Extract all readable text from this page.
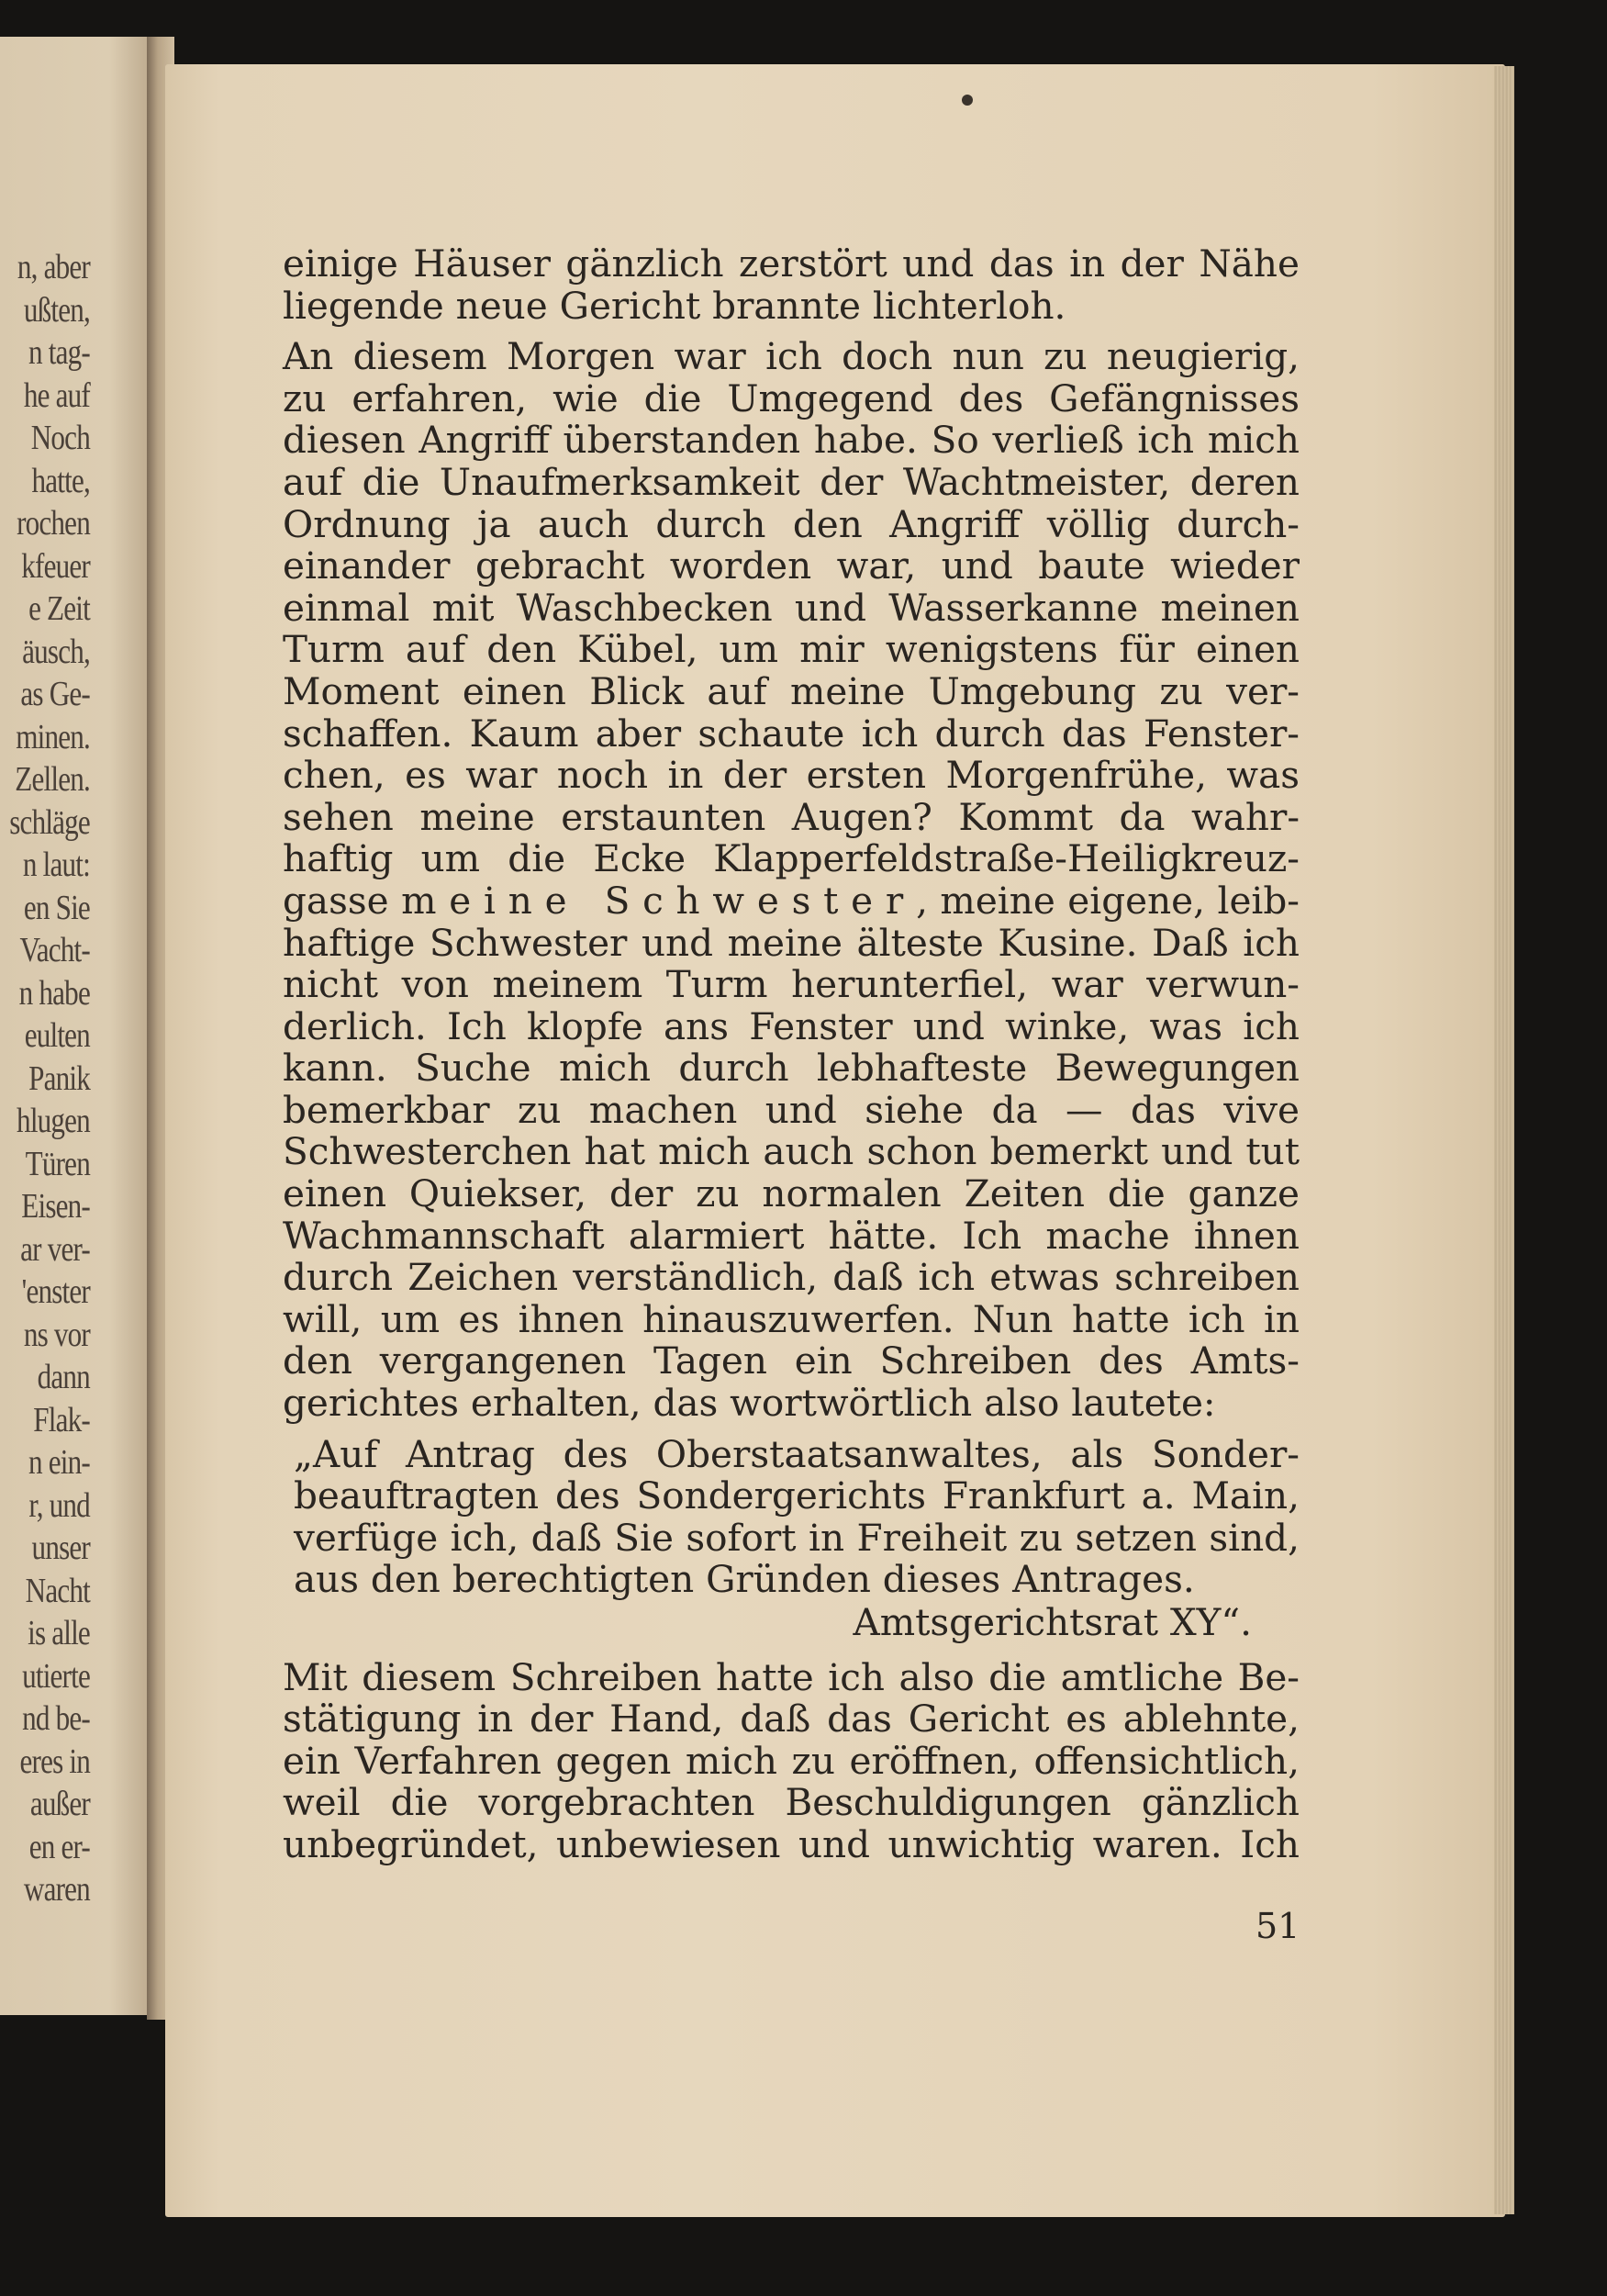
n, aber
ußten,
n tag-
he auf
Noch
hatte,
rochen
kfeuer
e Zeit
äusch,
as Ge-
minen.
Zellen.
schläge
n laut:
en Sie
Vacht-
n habe
eulten
Panik
hlugen
Türen
Eisen-
ar ver-
'enster
ns vor
dann
Flak-
n ein-
r, und
unser
Nacht
is alle
utierte
nd be-
eres in
außer
en er-
waren
einige Häuser gänzlich zerstört und das in der Nähe
liegende neue Gericht brannte lichterloh.
An diesem Morgen war ich doch nun zu neugierig,
zu erfahren, wie die Umgegend des Gefängnisses
diesen Angriff überstanden habe. So verließ ich mich
auf die Unaufmerksamkeit der Wachtmeister, deren
Ordnung ja auch durch den Angriff völlig durch-
einander gebracht worden war, und baute wieder
einmal mit Waschbecken und Wasserkanne meinen
Turm auf den Kübel, um mir wenigstens für einen
Moment einen Blick auf meine Umgebung zu ver-
schaffen. Kaum aber schaute ich durch das Fenster-
chen, es war noch in der ersten Morgenfrühe, was
sehen meine erstaunten Augen? Kommt da wahr-
haftig um die Ecke Klapperfeldstraße-Heiligkreuz-
gasse meine Schwester, meine eigene, leib-
haftige Schwester und meine älteste Kusine. Daß ich
nicht von meinem Turm herunterfiel, war verwun-
derlich. Ich klopfe ans Fenster und winke, was ich
kann. Suche mich durch lebhafteste Bewegungen
bemerkbar zu machen und siehe da — das vive
Schwesterchen hat mich auch schon bemerkt und tut
einen Quiekser, der zu normalen Zeiten die ganze
Wachmannschaft alarmiert hätte. Ich mache ihnen
durch Zeichen verständlich, daß ich etwas schreiben
will, um es ihnen hinauszuwerfen. Nun hatte ich in
den vergangenen Tagen ein Schreiben des Amts-
gerichtes erhalten, das wortwörtlich also lautete:
„Auf Antrag des Oberstaatsanwaltes, als Sonder-
beauftragten des Sondergerichts Frankfurt a. Main,
verfüge ich, daß Sie sofort in Freiheit zu setzen sind,
aus den berechtigten Gründen dieses Antrages.
Amtsgerichtsrat XY“.
Mit diesem Schreiben hatte ich also die amtliche Be-
stätigung in der Hand, daß das Gericht es ablehnte,
ein Verfahren gegen mich zu eröffnen, offensichtlich,
weil die vorgebrachten Beschuldigungen gänzlich
unbegründet, unbewiesen und unwichtig waren. Ich
51
